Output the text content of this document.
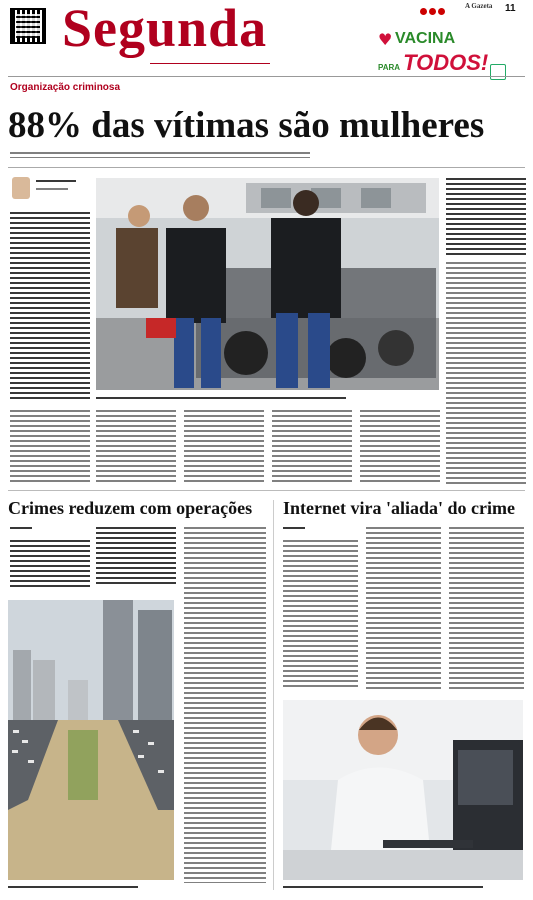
Segunda	A Gazeta 11
♥ VACINA
PARA TODOS!
Organização criminosa
88% das vítimas são mulheres
Crimes reduzem com operações Internet vira 'aliada' do crime
